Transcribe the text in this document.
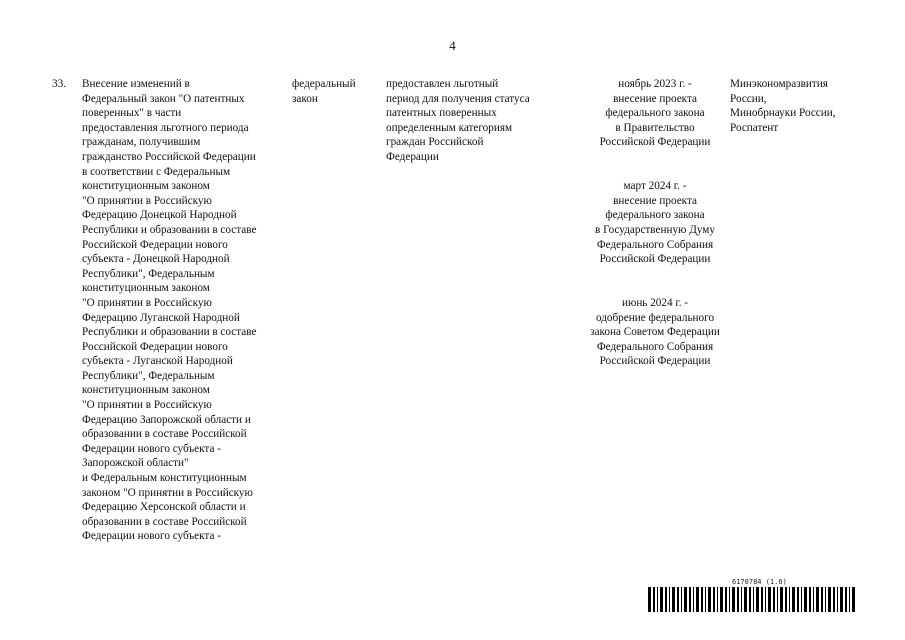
4
33.	Внесение изменений в
Федеральный закон "О патентных
поверенных" в части
предоставления льготного периода
гражданам, получившим
гражданство Российской Федерации
в соответствии с Федеральным
конституционным законом
"О принятии в Российскую
Федерацию Донецкой Народной
Республики и образовании в составе
Российской Федерации нового
субъекта - Донецкой Народной
Республики", Федеральным
конституционным законом
"О принятии в Российскую
Федерацию Луганской Народной
Республики и образовании в составе
Российской Федерации нового
субъекта - Луганской Народной
Республики", Федеральным
конституционным законом
"О принятии в Российскую
Федерацию Запорожской области и
образовании в составе Российской
Федерации нового субъекта -
Запорожской области"
и Федеральным конституционным
законом "О принятии в Российскую
Федерацию Херсонской области и
образовании в составе Российской
Федерации нового субъекта -
федеральный
закон
предоставлен льготный
период для получения статуса
патентных поверенных
определенным категориям
граждан Российской
Федерации
ноябрь 2023 г. -
внесение проекта
федерального закона
в Правительство
Российской Федерации
март 2024 г. -
внесение проекта
федерального закона
в Государственную Думу
Федерального Собрания
Российской Федерации
июнь 2024 г. -
одобрение федерального
закона Советом Федерации
Федерального Собрания
Российской Федерации
Минэкономразвития
России,
Минобрнауки России,
Роспатент
6170784 (1.6)
